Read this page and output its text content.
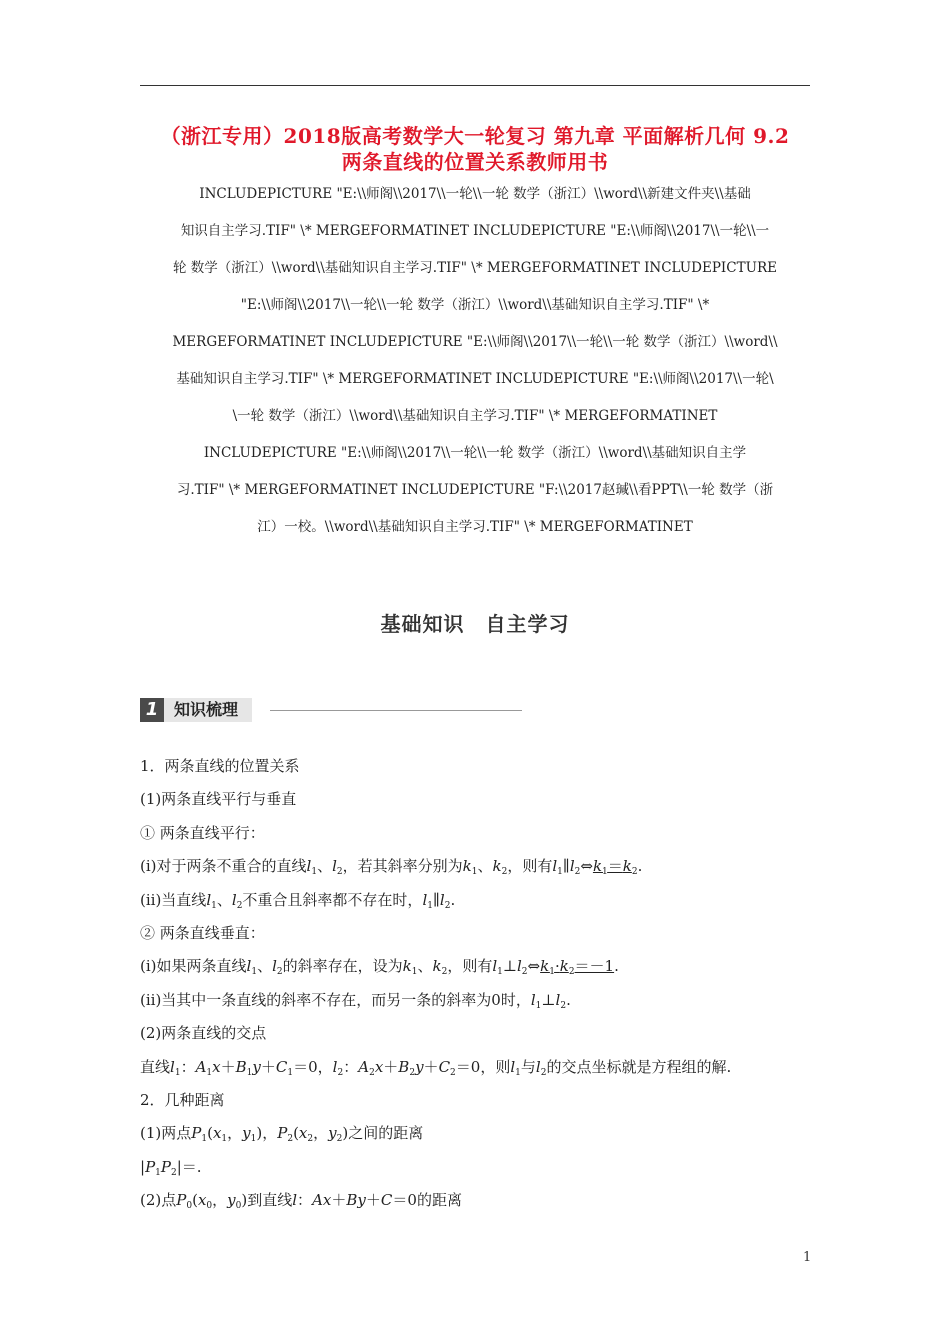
（浙江专用）2018版高考数学大一轮复习 第九章 平面解析几何 9.2
两条直线的位置关系教师用书
INCLUDEPICTURE "E:\\师阁\\2017\\一轮\\一轮 数学（浙江）\\word\\新建文件夹\\基础
知识自主学习.TIF" \* MERGEFORMATINET INCLUDEPICTURE "E:\\师阁\\2017\\一轮\\一
轮 数学（浙江）\\word\\基础知识自主学习.TIF" \* MERGEFORMATINET INCLUDEPICTURE
"E:\\师阁\\2017\\一轮\\一轮 数学（浙江）\\word\\基础知识自主学习.TIF" \*
MERGEFORMATINET INCLUDEPICTURE "E:\\师阁\\2017\\一轮\\一轮 数学（浙江）\\word\\
基础知识自主学习.TIF" \* MERGEFORMATINET INCLUDEPICTURE "E:\\师阁\\2017\\一轮\
\一轮 数学（浙江）\\word\\基础知识自主学习.TIF" \* MERGEFORMATINET
INCLUDEPICTURE "E:\\师阁\\2017\\一轮\\一轮 数学（浙江）\\word\\基础知识自主学
习.TIF" \* MERGEFORMATINET INCLUDEPICTURE "F:\\2017赵瑊\\看PPT\\一轮 数学（浙
江）一校。\\word\\基础知识自主学习.TIF" \* MERGEFORMATINET
基础知识　自主学习
1 知识梳理
1．两条直线的位置关系
(1)两条直线平行与垂直
① 两条直线平行：
(ⅰ)对于两条不重合的直线$l_1$、$l_2$，若其斜率分别为$k_1$、$k_2$，则有$l_1\parallel l_2\Leftrightarrow k_1=k_2$.
(ⅱ)当直线$l_1$、$l_2$不重合且斜率都不存在时，$l_1\parallel l_2$.
② 两条直线垂直：
(ⅰ)如果两条直线$l_1$、$l_2$的斜率存在，设为$k_1$、$k_2$，则有$l_1\perp l_2\Leftrightarrow k_1\cdot k_2=-1$.
(ⅱ)当其中一条直线的斜率不存在，而另一条的斜率为0时，$l_1\perp l_2$.
(2)两条直线的交点
直线$l_1$：$A_1x+B_1y+C_1=0$，$l_2$：$A_2x+B_2y+C_2=0$，则$l_1$与$l_2$的交点坐标就是方程组的解.
2．几种距离
(1)两点$P_1(x_1$，$y_1$)，$P_2(x_2$，$y_2$)之间的距离
$|P_1P_2|=$.
(2)点$P_0(x_0$，$y_0$)到直线l：Ax＋By＋C＝0的距离
1
